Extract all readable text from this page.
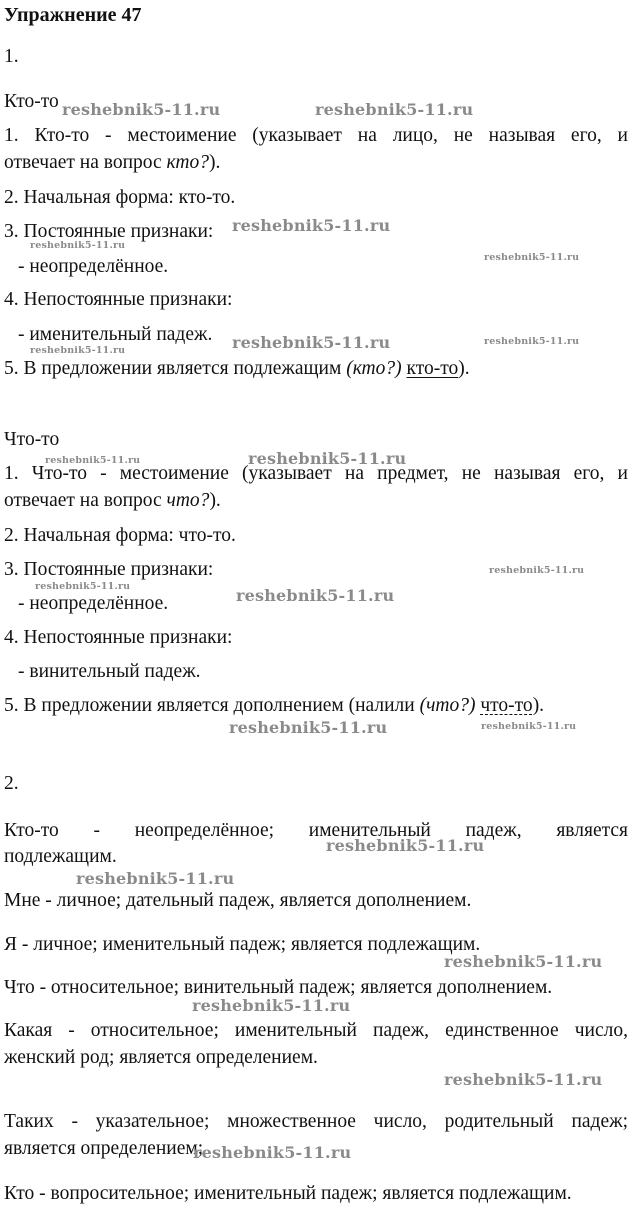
Упражнение 47
1.
Кто-то
1. Кто-то - местоимение (указывает на лицо, не называя его, и
отвечает на вопрос кто?).
2. Начальная форма: кто-то.
3. Постоянные признаки:
- неопределённое.
4. Непостоянные признаки:
- именительный падеж.
5. В предложении является подлежащим (кто?) кто-то).
Что-то
1. Что-то - местоимение (указывает на предмет, не называя его, и
отвечает на вопрос что?).
2. Начальная форма: что-то.
3. Постоянные признаки:
- неопределённое.
4. Непостоянные признаки:
- винительный падеж.
5. В предложении является дополнением (налили (что?) что-то).
2.
Кто-то - неопределённое; именительный падеж, является
подлежащим.
Мне - личное; дательный падеж, является дополнением.
Я - личное; именительный падеж; является подлежащим.
Что - относительное; винительный падеж; является дополнением.
Какая - относительное; именительный падеж, единственное число,
женский род; является определением.
Таких - указательное; множественное число, родительный падеж;
является определением;
Кто - вопросительное; именительный падеж; является подлежащим.
reshebnik5-11.ru	reshebnik5-11.ru
reshebnik5-11.ru
reshebnik5-11.ru
reshebnik5-11.ru
reshebnik5-11.ru
reshebnik5-11.ru
reshebnik5-11.ru
reshebnik5-11.ru	reshebnik5-11.ru
reshebnik5-11.ru
reshebnik5-11.ru	reshebnik5-11.ru
reshebnik5-11.ru	reshebnik5-11.ru
reshebnik5-11.ru
reshebnik5-11.ru
reshebnik5-11.ru
reshebnik5-11.ru
reshebnik5-11.ru
reshebnik5-11.ru
